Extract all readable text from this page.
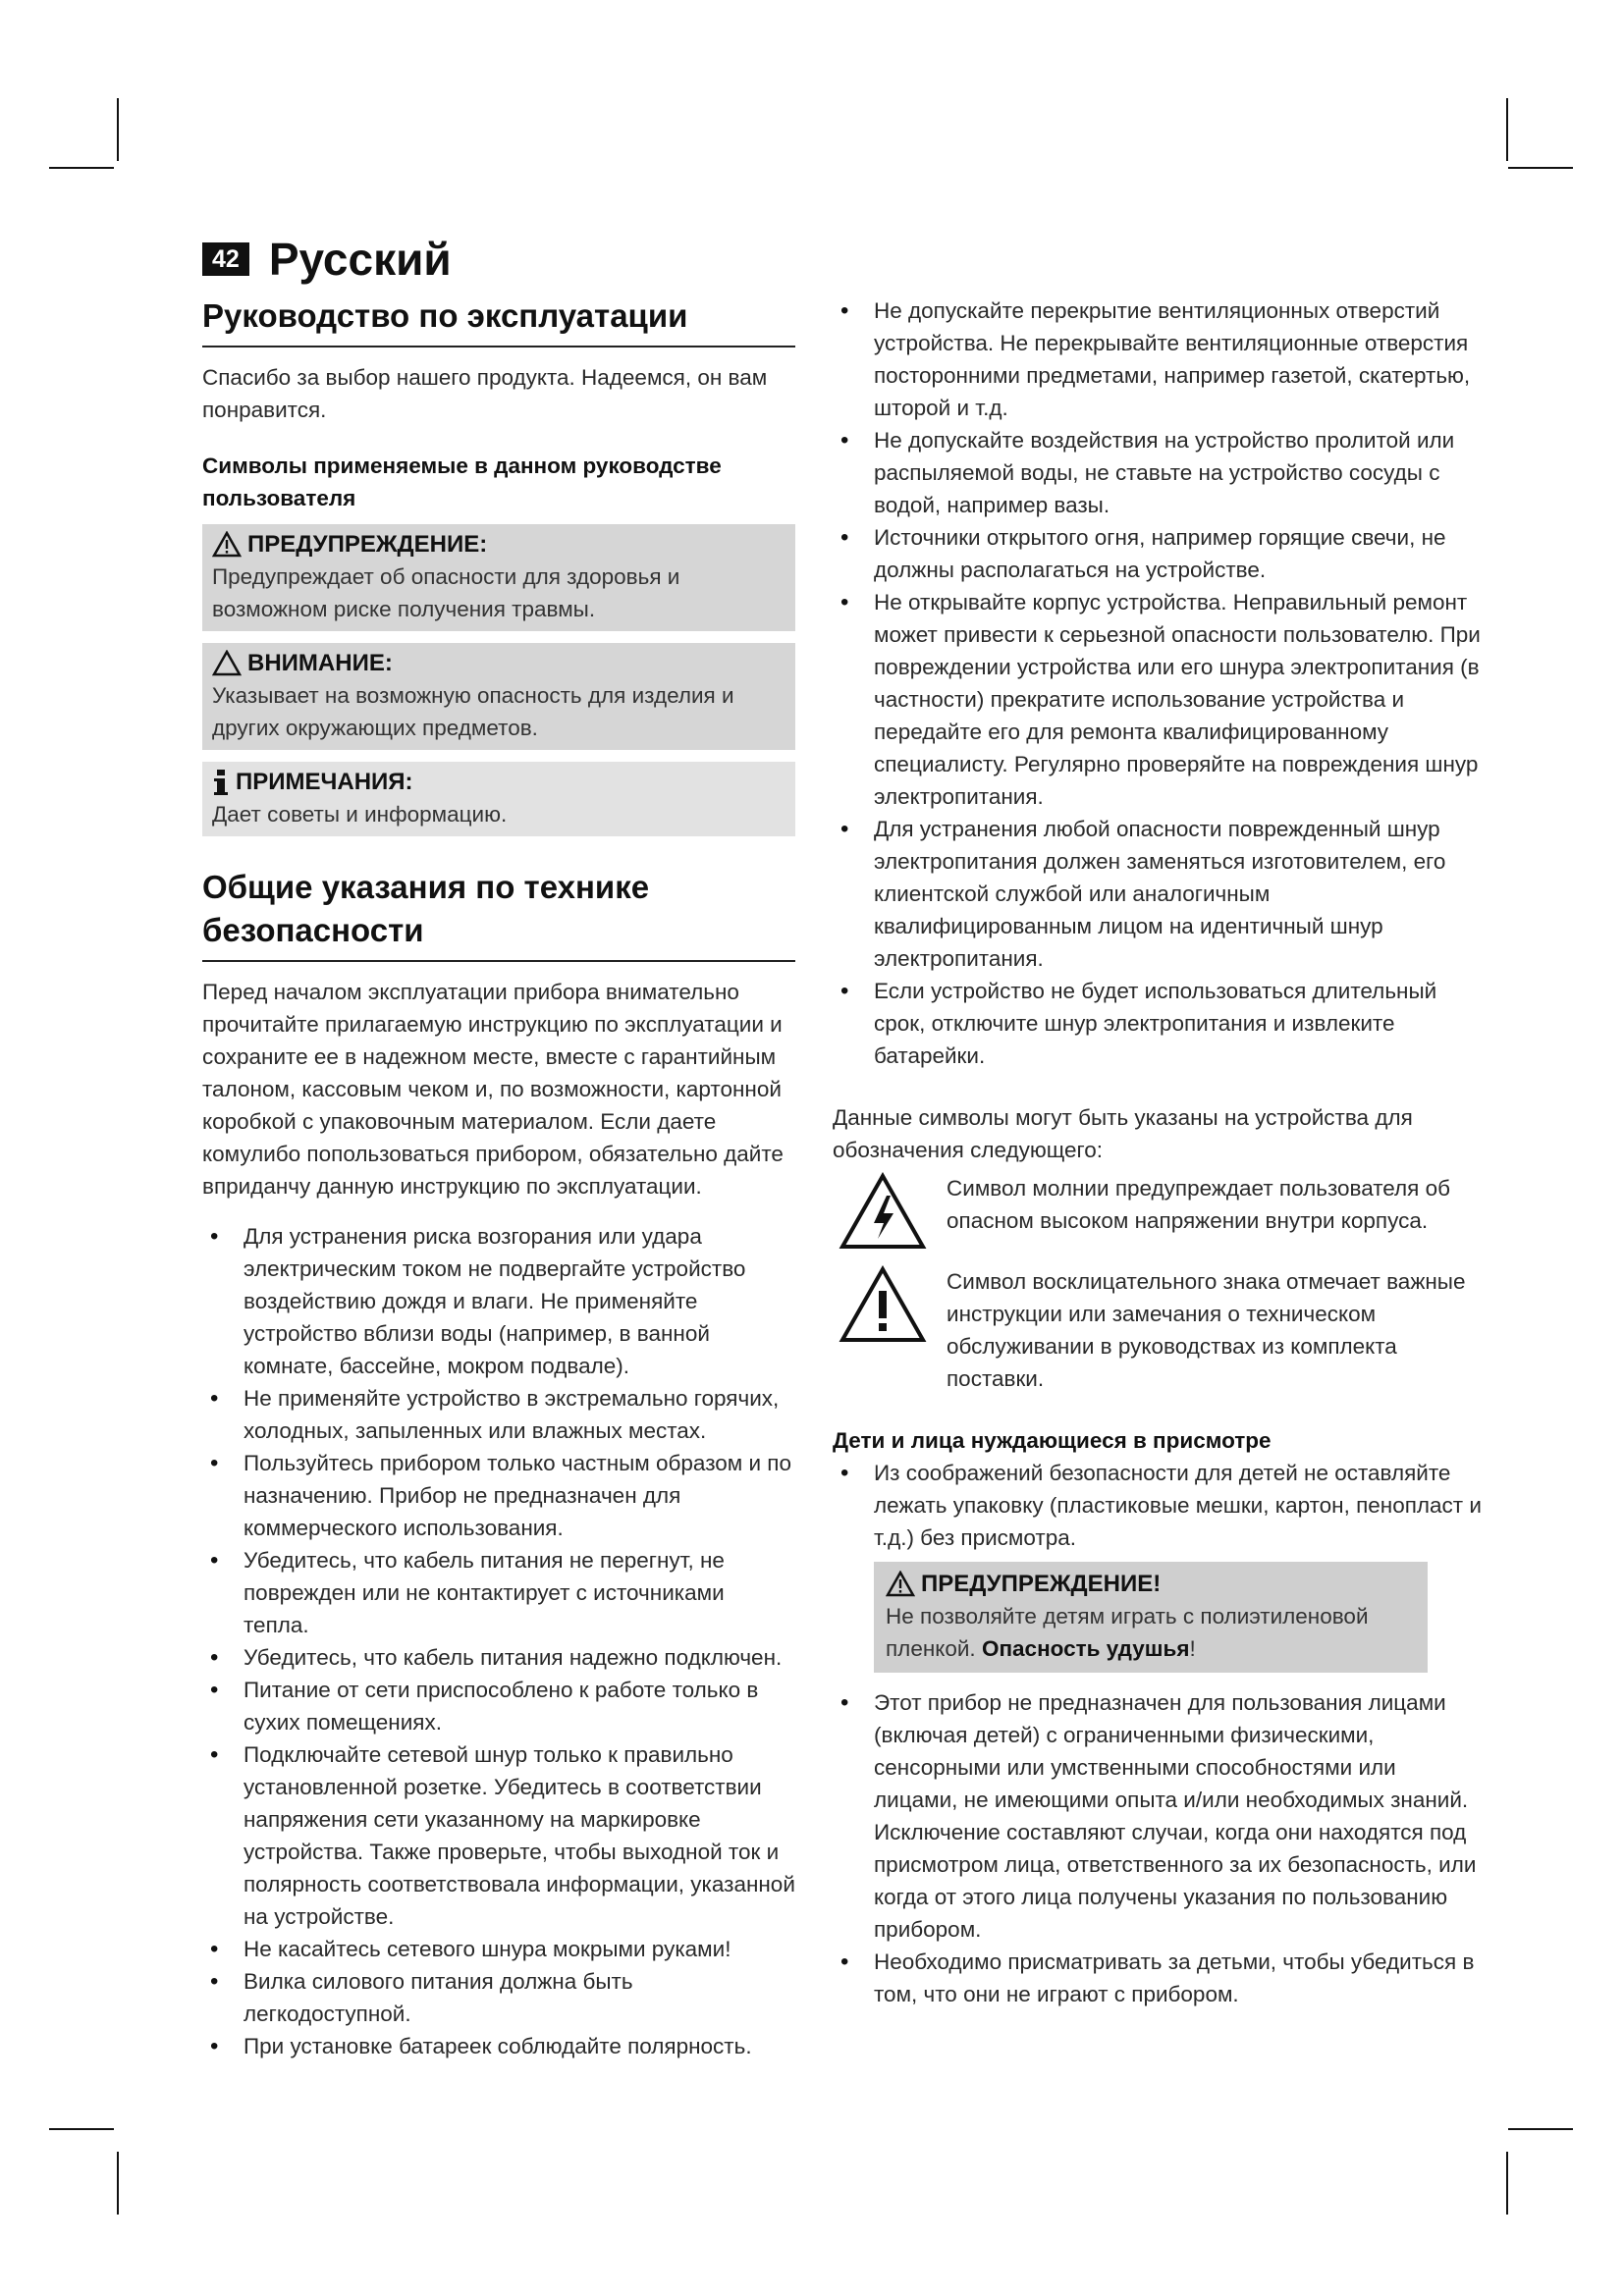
42 Русский
Руководство по эксплуатации

Спасибо за выбор нашего продукта. Надеемся, он вам понравится.

Символы применяемые в данном руководстве пользователя

ПРЕДУПРЕЖДЕНИЕ:
Предупреждает об опасности для здоровья и возможном риске получения травмы.
ВНИМАНИЕ:
Указывает на возможную опасность для изделия и других окружающих предметов.
ПРИМЕЧАНИЯ:
Дает советы и информацию.
Общие указания по технике безопасности

Перед началом эксплуатации прибора внимательно прочитайте прилагаемую инструкцию по эксплуатации и сохраните ее в надежном месте, вместе с гарантийным талоном, кассовым чеком и, по возможности, картонной коробкой с упаковочным материалом. Если даете комулибо попользоваться прибором, обязательно дайте вприданчу данную инструкцию по эксплуатации.

• Для устранения риска возгорания или удара электрическим током не подвергайте устройство воздействию дождя и влаги. Не применяйте устройство вблизи воды (например, в ванной комнате, бассейне, мокром подвале).
• Не применяйте устройство в экстремально горячих, холодных, запыленных или влажных местах.
• Пользуйтесь прибором только частным образом и по назначению. Прибор не предназначен для коммерческого использования.
• Убедитесь, что кабель питания не перегнут, не поврежден или не контактирует с источниками тепла.
• Убедитесь, что кабель питания надежно подключен.
• Питание от сети приспособлено к работе только в сухих помещениях.
• Подключайте сетевой шнур только к правильно установленной розетке. Убедитесь в соответствии напряжения сети указанному на маркировке устройства. Также проверьте, чтобы выходной ток и полярность соответствовала информации, указанной на устройстве.
• Не касайтесь сетевого шнура мокрыми руками!
• Вилка силового питания должна быть легкодоступной.
• При установке батареек соблюдайте полярность.
• Не допускайте перекрытие вентиляционных отверстий устройства. Не перекрывайте вентиляционные отверстия посторонними предметами, например газетой, скатертью, шторой и т.д.
• Не допускайте воздействия на устройство пролитой или распыляемой воды, не ставьте на устройство сосуды с водой, например вазы.
• Источники открытого огня, например горящие свечи, не должны располагаться на устройстве.
• Не открывайте корпус устройства. Неправильный ремонт может привести к серьезной опасности пользователю. При повреждении устройства или его шнура электропитания (в частности) прекратите использование устройства и передайте его для ремонта квалифицированному специалисту. Регулярно проверяйте на повреждения шнур электропитания.
• Для устранения любой опасности поврежденный шнур электропитания должен заменяться изготовителем, его клиентской службой или аналогичным квалифицированным лицом на идентичный шнур электропитания.
• Если устройство не будет использоваться длительный срок, отключите шнур электропитания и извлеките батарейки.

Данные символы могут быть указаны на устройства для обозначения следующего:

Символ молнии предупреждает пользователя об опасном высоком напряжении внутри корпуса.
Символ восклицательного знака отмечает важные инструкции или замечания о техническом обслуживании в руководствах из комплекта поставки.

Дети и лица нуждающиеся в присмотре

• Из соображений безопасности для детей не оставляйте лежать упаковку (пластиковые мешки, картон, пенопласт и т.д.) без присмотра.
ПРЕДУПРЕЖДЕНИЕ!
Не позволяйте детям играть с полиэтиленовой пленкой. Опасность удушья!
• Этот прибор не предназначен для пользования лицами (включая детей) с ограниченными физическими, сенсорными или умственными способностями или лицами, не имеющими опыта и/или необходимых знаний. Исключение составляют случаи, когда они находятся под присмотром лица, ответственного за их безопасность, или когда от этого лица получены указания по пользованию прибором.
• Необходимо присматривать за детьми, чтобы убедиться в том, что они не играют с прибором.
